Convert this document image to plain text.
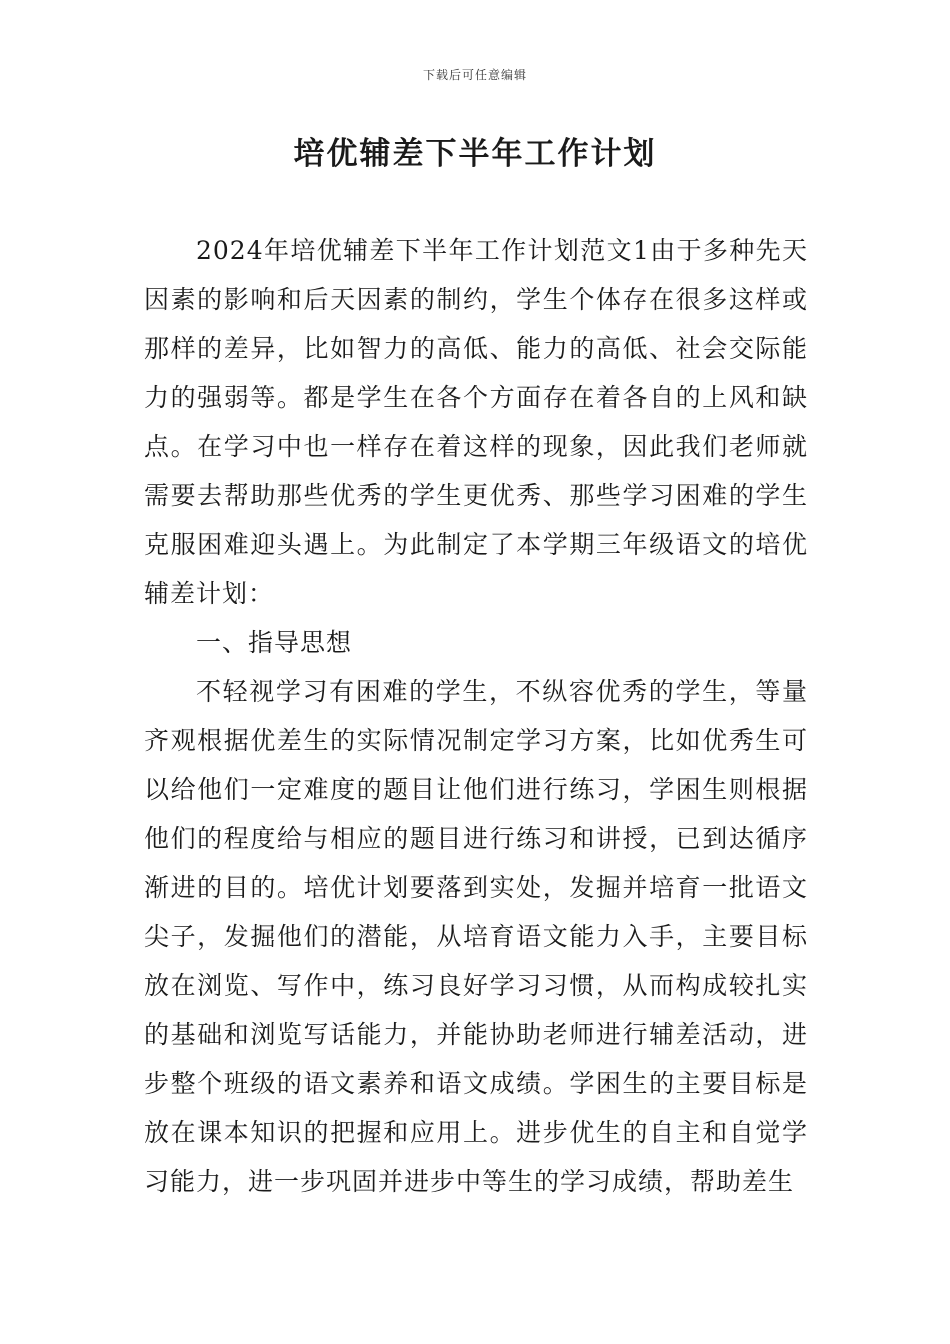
下载后可任意编辑
培优辅差下半年工作计划

2024年培优辅差下半年工作计划范文1由于多种先天因素的影响和后天因素的制约，学生个体存在很多这样或那样的差异，比如智力的高低、能力的高低、社会交际能力的强弱等。都是学生在各个方面存在着各自的上风和缺点。在学习中也一样存在着这样的现象，因此我们老师就需要去帮助那些优秀的学生更优秀、那些学习困难的学生克服困难迎头遇上。为此制定了本学期三年级语文的培优辅差计划：

一、指导思想

不轻视学习有困难的学生，不纵容优秀的学生，等量齐观根据优差生的实际情况制定学习方案，比如优秀生可以给他们一定难度的题目让他们进行练习，学困生则根据他们的程度给与相应的题目进行练习和讲授，已到达循序渐进的目的。培优计划要落到实处，发掘并培育一批语文尖子，发掘他们的潜能，从培育语文能力入手，主要目标放在浏览、写作中，练习良好学习习惯，从而构成较扎实的基础和浏览写话能力，并能协助老师进行辅差活动，进步整个班级的语文素养和语文成绩。学困生的主要目标是放在课本知识的把握和应用上。进步优生的自主和自觉学习能力，进一步巩固并进步中等生的学习成绩，帮助差生
